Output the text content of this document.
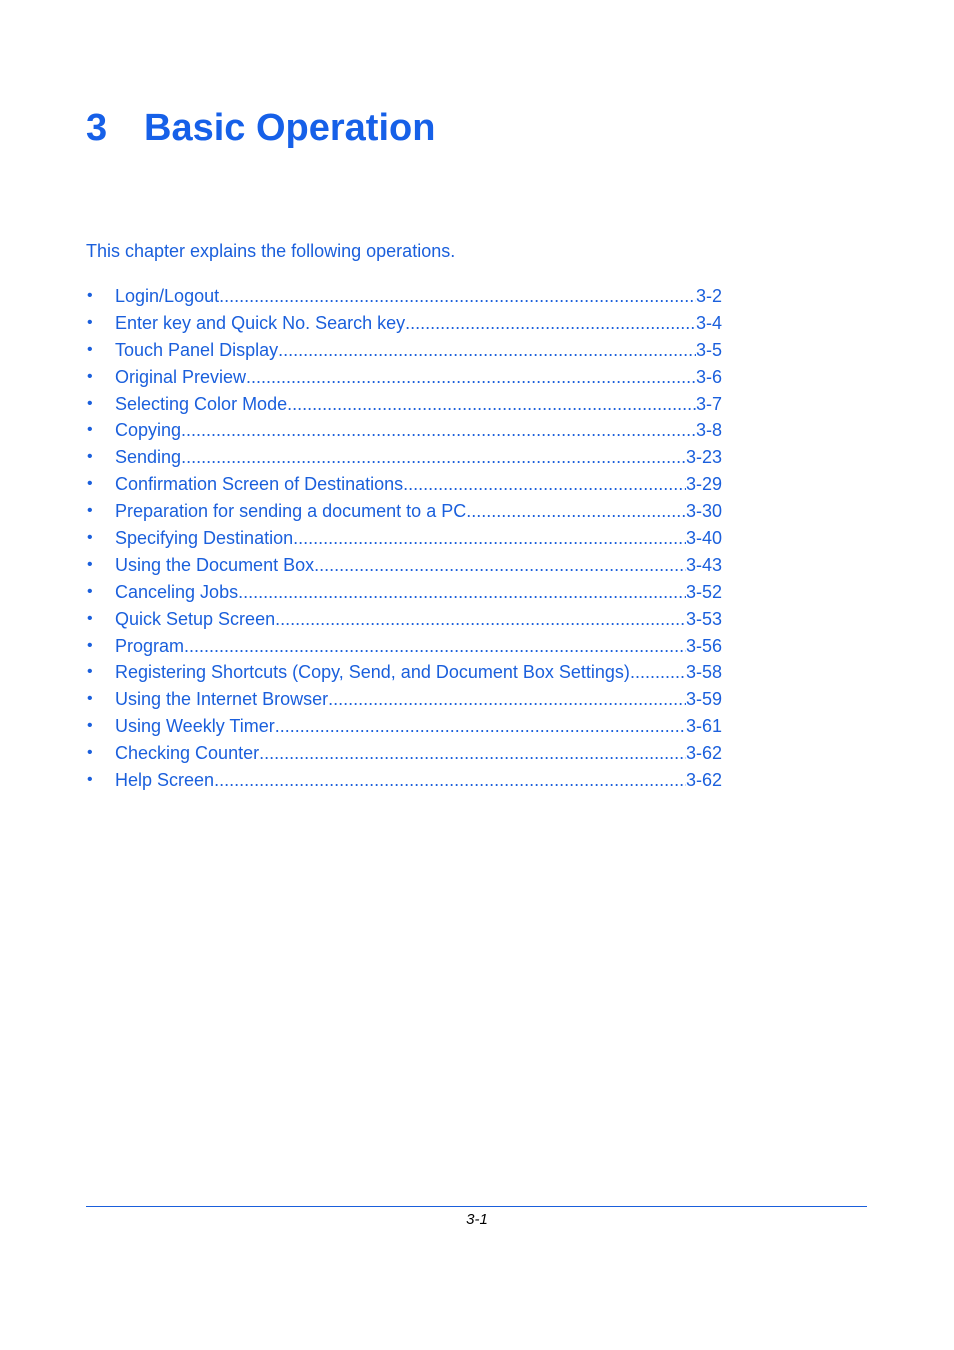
3 Basic Operation

This chapter explains the following operations.

•	Login/Logout .....	3-2
•	Enter key and Quick No. Search key .....	3-4
•	Touch Panel Display .....	3-5
•	Original Preview .....	3-6
•	Selecting Color Mode .....	3-7
•	Copying .....	3-8
•	Sending .....	3-23
•	Confirmation Screen of Destinations .....	3-29
•	Preparation for sending a document to a PC .....	3-30
•	Specifying Destination .....	3-40
•	Using the Document Box .....	3-43
•	Canceling Jobs .....	3-52
•	Quick Setup Screen .....	3-53
•	Program .....	3-56
•	Registering Shortcuts (Copy, Send, and Document Box Settings) .....	3-58
•	Using the Internet Browser .....	3-59
•	Using Weekly Timer .....	3-61
•	Checking Counter .....	3-62
•	Help Screen .....	3-62
3-1
